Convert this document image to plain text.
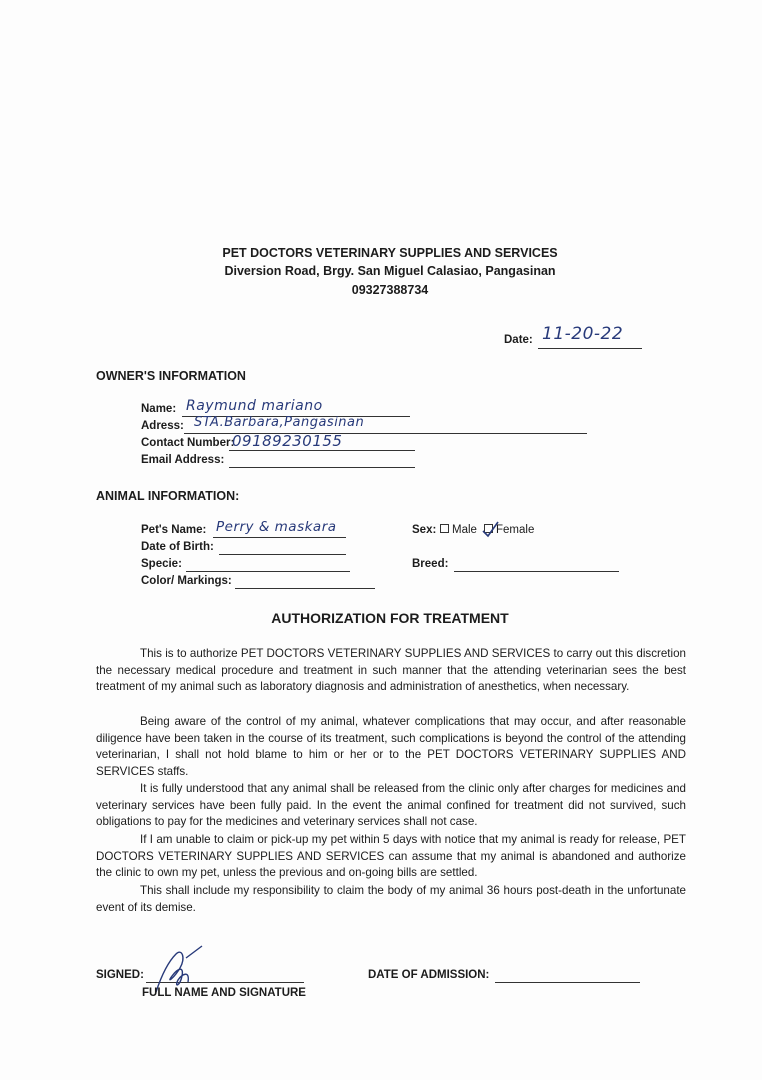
PET DOCTORS VETERINARY SUPPLIES AND SERVICES
Diversion Road, Brgy. San Miguel Calasiao, Pangasinan
09327388734
Date: 11-20-22
OWNER'S INFORMATION
Name: Raymund mariano
Adress: STA.Barbara,Pangasinan
Contact Number:
09189230155
Email Address:
ANIMAL INFORMATION:
Pet's Name: Perry & maskara	Sex:	Male	Female
Date of Birth:
Specie:	Breed:
Color/ Markings:
AUTHORIZATION FOR TREATMENT
This is to authorize PET DOCTORS VETERINARY SUPPLIES AND SERVICES to carry out this discretion the necessary medical procedure and treatment in such manner that the attending veterinarian sees the best treatment of my animal such as laboratory diagnosis and administration of anesthetics, when necessary.
Being aware of the control of my animal, whatever complications that may occur, and after reasonable diligence have been taken in the course of its treatment, such complications is beyond the control of the attending veterinarian, I shall not hold blame to him or her or to the PET DOCTORS VETERINARY SUPPLIES AND SERVICES staffs.
It is fully understood that any animal shall be released from the clinic only after charges for medicines and veterinary services have been fully paid. In the event the animal confined for treatment did not survived, such obligations to pay for the medicines and veterinary services shall not case.
If I am unable to claim or pick-up my pet within 5 days with notice that my animal is ready for release, PET DOCTORS VETERINARY SUPPLIES AND SERVICES can assume that my animal is abandoned and authorize the clinic to own my pet, unless the previous and on-going bills are settled.
This shall include my responsibility to claim the body of my animal 36 hours post-death in the unfortunate event of its demise.
SIGNED:
FULL NAME AND SIGNATURE
DATE OF ADMISSION:
